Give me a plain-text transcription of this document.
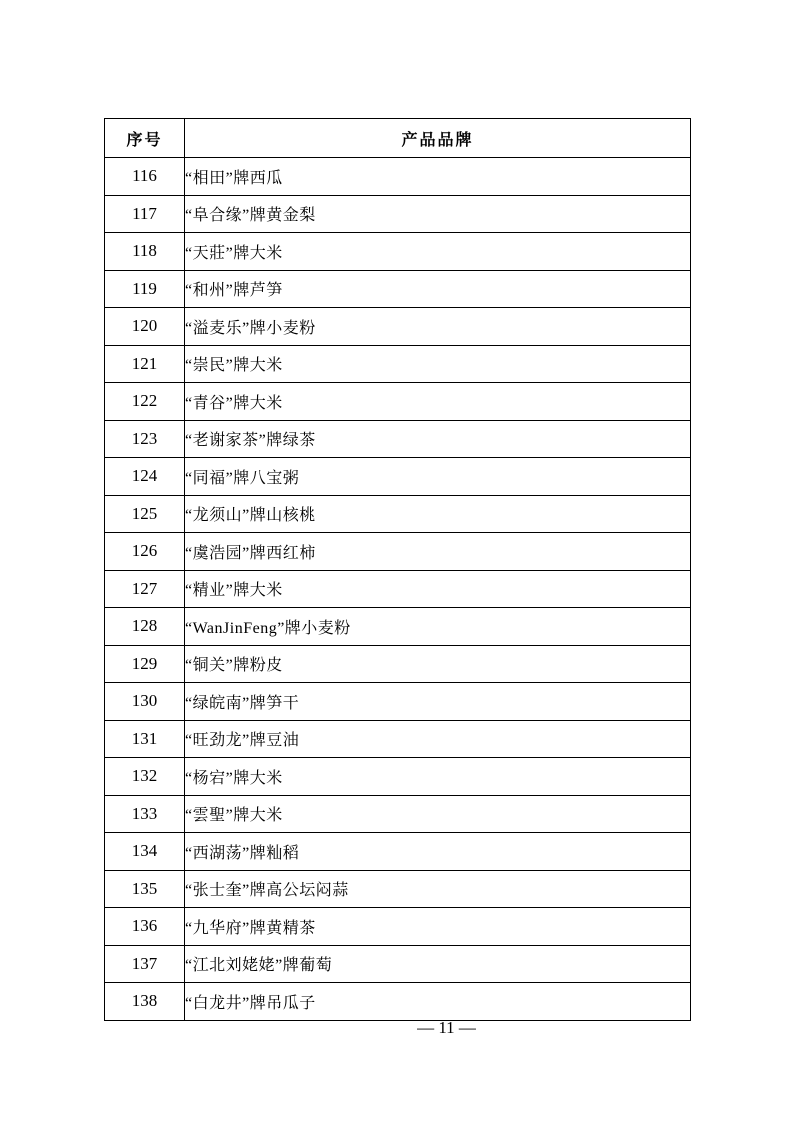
序号	产品品牌
116	“相田”牌西瓜
117	“阜合缘”牌黄金梨
118	“天莊”牌大米
119	“和州”牌芦笋
120	“溢麦乐”牌小麦粉
121	“崇民”牌大米
122	“青谷”牌大米
123	“老谢家茶”牌绿茶
124	“同福”牌八宝粥
125	“龙须山”牌山核桃
126	“虞浩园”牌西红柿
127	“精业”牌大米
128	“WanJinFeng”牌小麦粉
129	“铜关”牌粉皮
130	“绿皖南”牌笋干
131	“旺劲龙”牌豆油
132	“杨宕”牌大米
133	“雲聖”牌大米
134	“西湖荡”牌籼稻
135	“张士奎”牌高公坛闷蒜
136	“九华府”牌黄精茶
137	“江北刘姥姥”牌葡萄
138	“白龙井”牌吊瓜子
— 11 —
